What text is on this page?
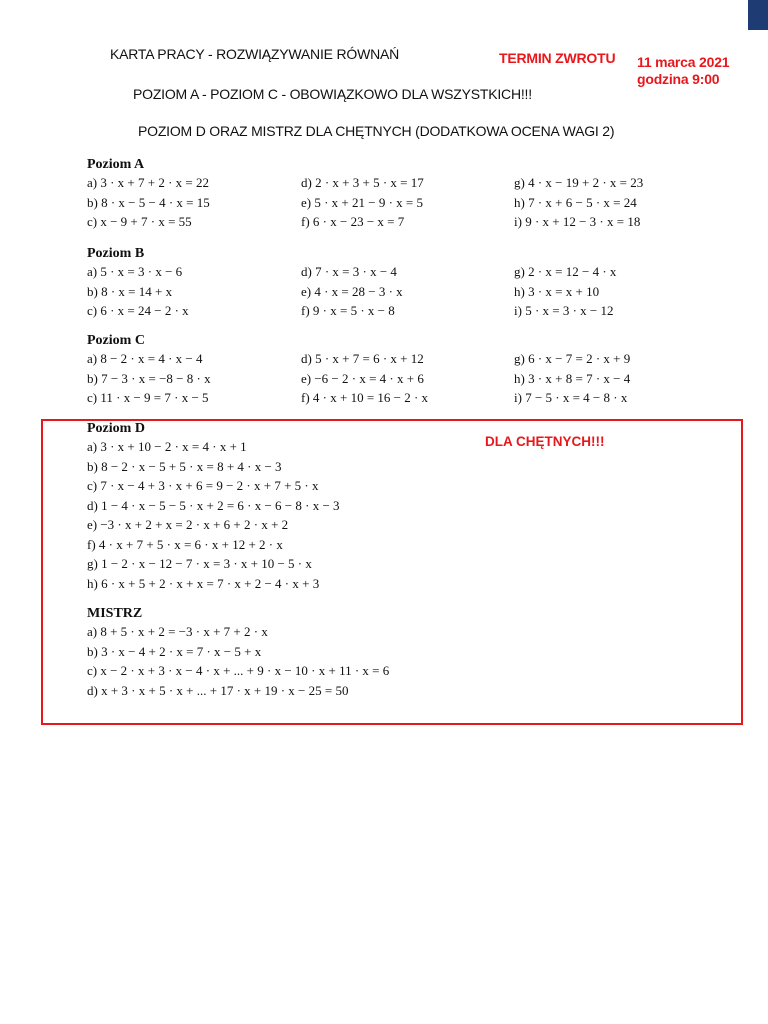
KARTA PRACY - ROZWIĄZYWANIE RÓWNAŃ	TERMIN ZWROTU 11 marca 2021
godzina 9:00
POZIOM A - POZIOM C - OBOWIĄZKOWO DLA WSZYSTKICH!!!
POZIOM D ORAZ MISTRZ DLA CHĘTNYCH (DODATKOWA OCENA WAGI 2)
Poziom A
a) 3 · x + 7 + 2 · x = 22
b) 8 · x − 5 − 4 · x = 15
c) x − 9 + 7 · x = 55
d) 2 · x + 3 + 5 · x = 17
e) 5 · x + 21 − 9 · x = 5
f) 6 · x − 23 − x = 7
g) 4 · x − 19 + 2 · x = 23
h) 7 · x + 6 − 5 · x = 24
i) 9 · x + 12 − 3 · x = 18
Poziom B
a) 5 · x = 3 · x − 6
b) 8 · x = 14 + x
c) 6 · x = 24 − 2 · x
d) 7 · x = 3 · x − 4
e) 4 · x = 28 − 3 · x
f) 9 · x = 5 · x − 8
g) 2 · x = 12 − 4 · x
h) 3 · x = x + 10
i) 5 · x = 3 · x − 12
Poziom C
a) 8 − 2 · x = 4 · x − 4
b) 7 − 3 · x = −8 − 8 · x
c) 11 · x − 9 = 7 · x − 5
d) 5 · x + 7 = 6 · x + 12
e) −6 − 2 · x = 4 · x + 6
f) 4 · x + 10 = 16 − 2 · x
g) 6 · x − 7 = 2 · x + 9
h) 3 · x + 8 = 7 · x − 4
i) 7 − 5 · x = 4 − 8 · x
DLA CHĘTNYCH!!!
Poziom D
a) 3 · x + 10 − 2 · x = 4 · x + 1
b) 8 − 2 · x − 5 + 5 · x = 8 + 4 · x − 3
c) 7 · x − 4 + 3 · x + 6 = 9 − 2 · x + 7 + 5 · x
d) 1 − 4 · x − 5 − 5 · x + 2 = 6 · x − 6 − 8 · x − 3
e) −3 · x + 2 + x = 2 · x + 6 + 2 · x + 2
f) 4 · x + 7 + 5 · x = 6 · x + 12 + 2 · x
g) 1 − 2 · x − 12 − 7 · x = 3 · x + 10 − 5 · x
h) 6 · x + 5 + 2 · x + x = 7 · x + 2 − 4 · x + 3
MISTRZ
a) 8 + 5 · x + 2 = −3 · x + 7 + 2 · x
b) 3 · x − 4 + 2 · x = 7 · x − 5 + x
c) x − 2 · x + 3 · x − 4 · x + ... + 9 · x − 10 · x + 11 · x = 6
d) x + 3 · x + 5 · x + ... + 17 · x + 19 · x − 25 = 50
